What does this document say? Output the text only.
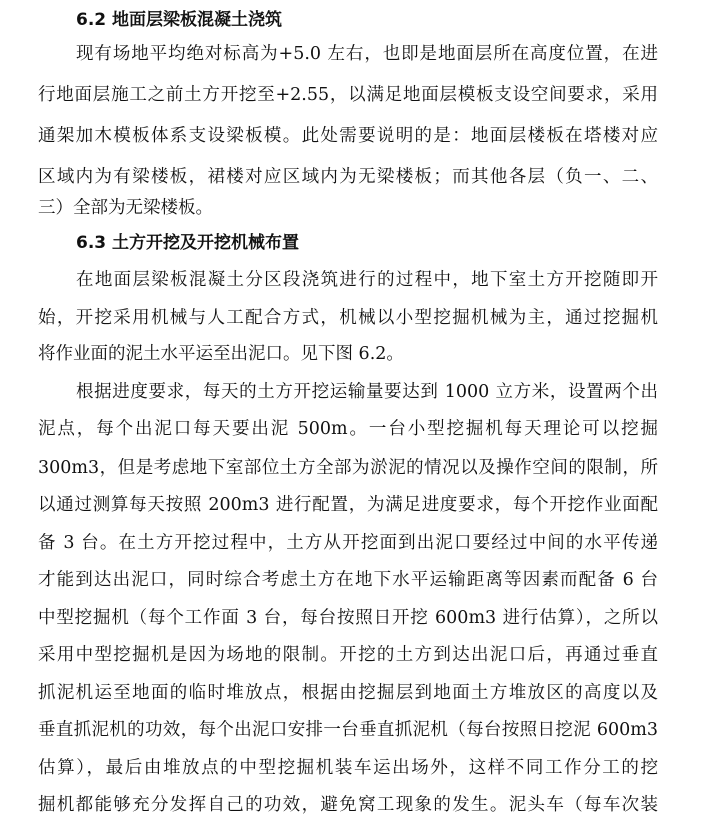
6.2 地面层梁板混凝土浇筑
现有场地平均绝对标高为+5.0 左右，也即是地面层所在高度位置，在进
行地面层施工之前土方开挖至+2.55，以满足地面层模板支设空间要求，采用
通架加木模板体系支设梁板模。此处需要说明的是：地面层楼板在塔楼对应
区域内为有梁楼板，裙楼对应区域内为无梁楼板；而其他各层（负一、二、
三）全部为无梁楼板。
6.3 土方开挖及开挖机械布置
在地面层梁板混凝土分区段浇筑进行的过程中，地下室土方开挖随即开
始，开挖采用机械与人工配合方式，机械以小型挖掘机械为主，通过挖掘机
将作业面的泥土水平运至出泥口。见下图 6.2。
根据进度要求，每天的土方开挖运输量要达到 1000 立方米，设置两个出
泥点，每个出泥口每天要出泥 500m。一台小型挖掘机每天理论可以挖掘
300m3，但是考虑地下室部位土方全部为淤泥的情况以及操作空间的限制，所
以通过测算每天按照 200m3 进行配置，为满足进度要求，每个开挖作业面配
备 3 台。在土方开挖过程中，土方从开挖面到出泥口要经过中间的水平传递
才能到达出泥口，同时综合考虑土方在地下水平运输距离等因素而配备 6 台
中型挖掘机（每个工作面 3 台，每台按照日开挖 600m3 进行估算），之所以
采用中型挖掘机是因为场地的限制。开挖的土方到达出泥口后，再通过垂直
抓泥机运至地面的临时堆放点，根据由挖掘层到地面土方堆放区的高度以及
垂直抓泥机的功效，每个出泥口安排一台垂直抓泥机（每台按照日挖泥 600m3
估算），最后由堆放点的中型挖掘机装车运出场外，这样不同工作分工的挖
掘机都能够充分发挥自己的功效，避免窝工现象的发生。泥头车（每车次装
